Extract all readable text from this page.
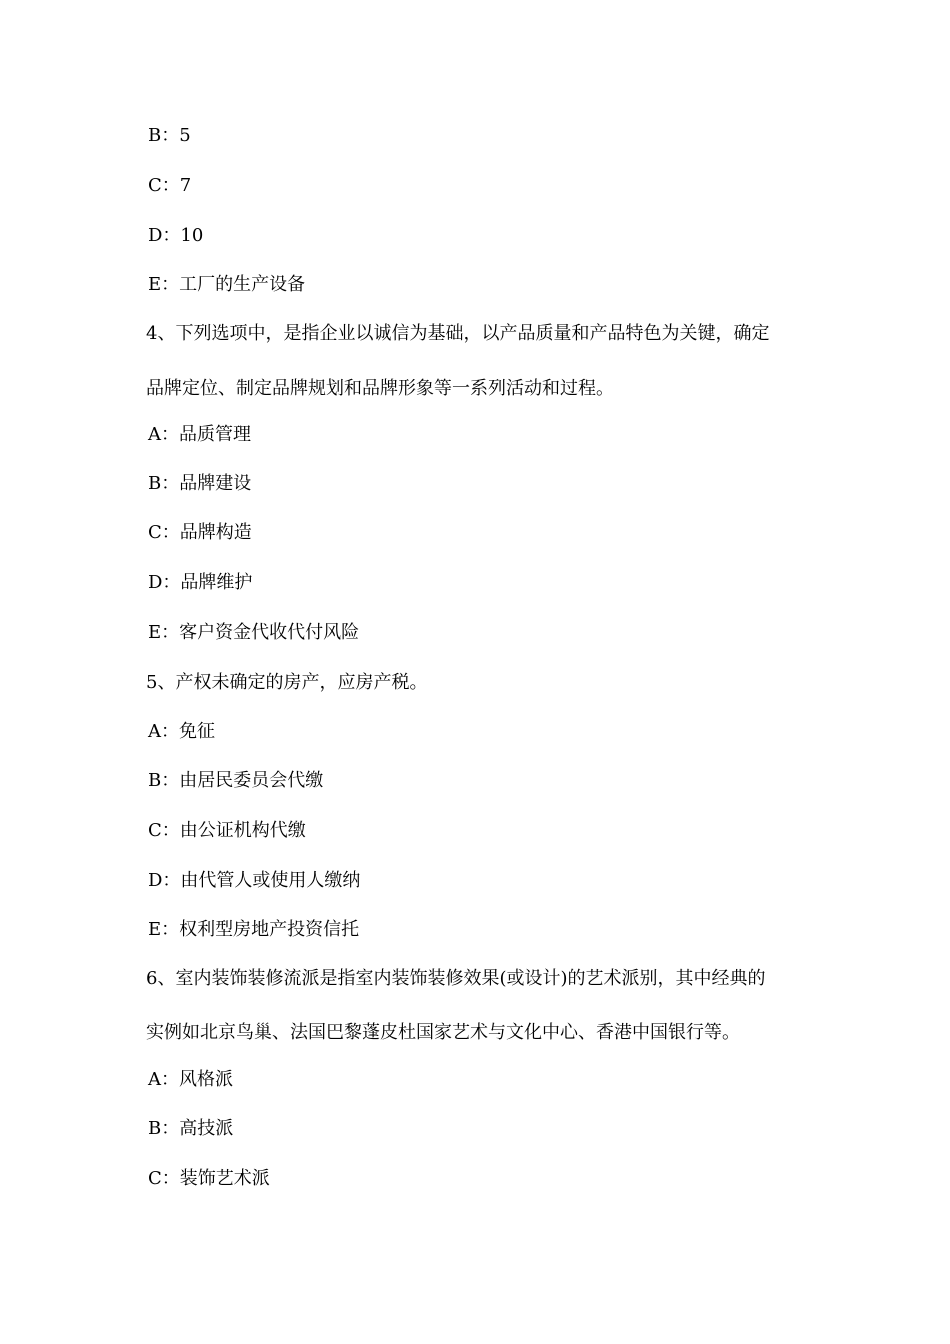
B：5
C：7
D：10
E：工厂的生产设备
4、下列选项中，是指企业以诚信为基础，以产品质量和产品特色为关键，确定
品牌定位、制定品牌规划和品牌形象等一系列活动和过程。
A：品质管理
B：品牌建设
C：品牌构造
D：品牌维护
E：客户资金代收代付风险
5、产权未确定的房产，应房产税。
A：免征
B：由居民委员会代缴
C：由公证机构代缴
D：由代管人或使用人缴纳
E：权利型房地产投资信托
6、室内装饰装修流派是指室内装饰装修效果(或设计)的艺术派别，其中经典的
实例如北京鸟巢、法国巴黎蓬皮杜国家艺术与文化中心、香港中国银行等。
A：风格派
B：高技派
C：装饰艺术派
